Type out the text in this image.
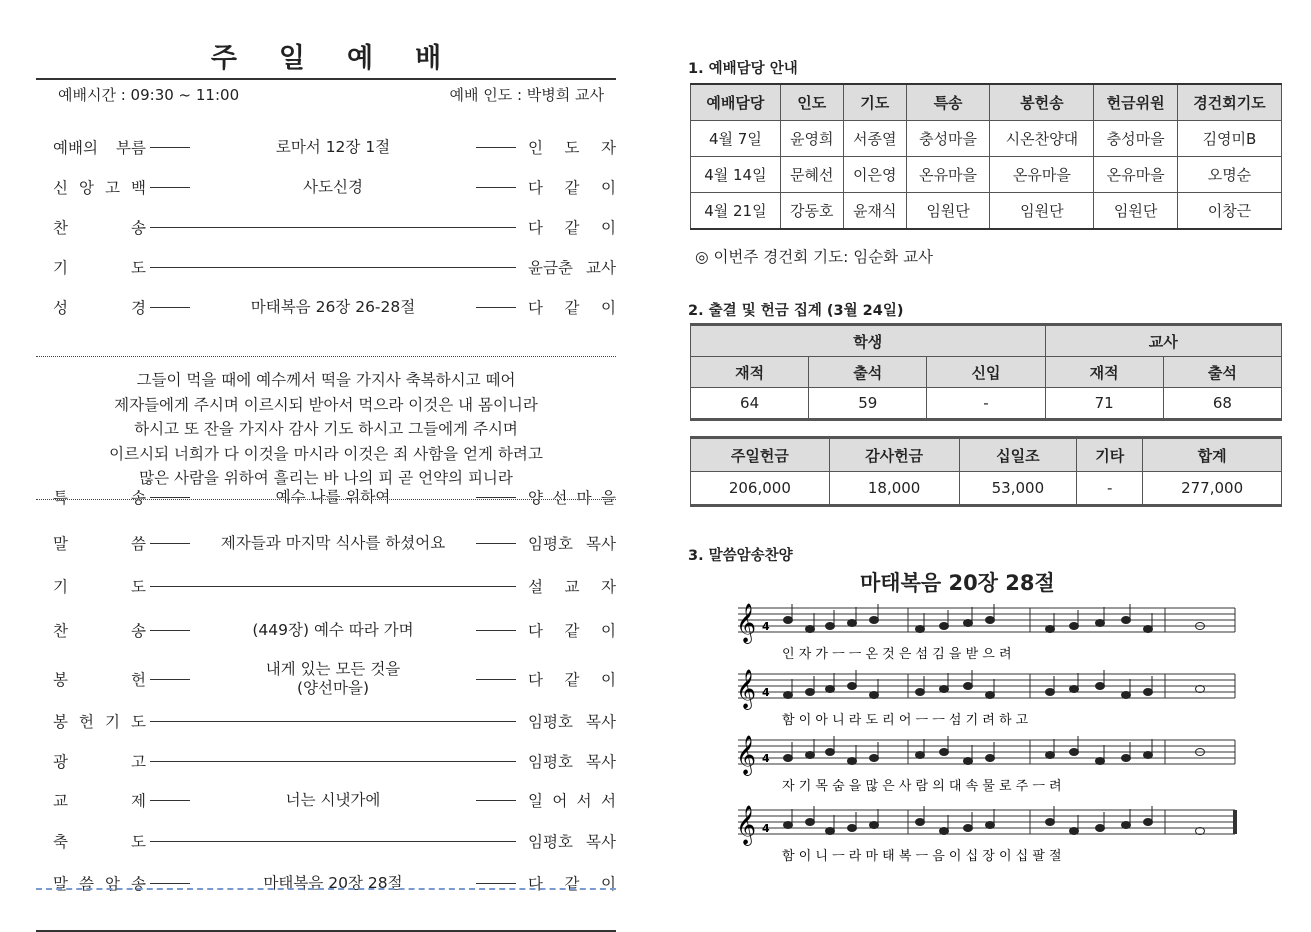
주일예배
예배시간 : 09:30 ~ 11:00	예배 인도 : 박병희 교사
예배의 부름	로마서 12장 1절	인 도 자
신 앙 고 백	사도신경	다 같 이
찬	송	다 같 이
기	도	윤금춘 교사
성	경	마태복음 26장 26-28절	다 같 이
특	송	예수 나를 위하여	양 선 마 을
말	씀	제자들과 마지막 식사를 하셨어요	임평호 목사
기	도	설 교 자
찬	송	(449장) 예수 따라 가며	다 같 이
봉	헌
내게 있는 모든 것을
(양선마을)	다 같 이
봉 헌 기 도	임평호 목사
광	고	임평호 목사
교	제	너는 시냇가에	일 어 서 서
축	도	임평호 목사
말 씀 암 송	마태복음 20장 28절	다 같 이
그들이 먹을 때에 예수께서 떡을 가지사 축복하시고 떼어
제자들에게 주시며 이르시되 받아서 먹으라 이것은 내 몸이니라
하시고 또 잔을 가지사 감사 기도 하시고 그들에게 주시며
이르시되 너희가 다 이것을 마시라 이것은 죄 사함을 얻게 하려고
많은 사람을 위하여 흘리는 바 나의 피 곧 언약의 피니라
1. 예배담당 안내
예배담당	인도	기도	특송	봉헌송	헌금위원	경건회기도
4월 7일	윤영희	서종열	충성마을	시온찬양대	충성마을	김영미B
4월 14일	문혜선	이은영	온유마을	온유마을	온유마을	오명순
4월 21일	강동호	윤재식	임원단	임원단	임원단	이창근
◎ 이번주 경건회 기도: 임순화 교사
2. 출결 및 헌금 집계 (3월 24일)
학생			교사	
재적	출석	신입	재적	출석
64	59	-	71	68
주일헌금	감사헌금	십일조	기타	합계
206,000	18,000	53,000	-	277,000
3. 말씀암송찬양
마태복음 20장 28절
𝄞 4
인 자 가 ㅡ ㅡ 온 것 은 섬 김 을 받 으 려
𝄞 4
함 이 아 니 라 도 리 어 ㅡ ㅡ 섬 기 려 하 고
𝄞 4
자 기 목 숨 을 많 은 사 람 의 대 속 물 로 주 ㅡ 려
𝄞 4
함 이 니 ㅡ 라 마 태 복 ㅡ 음 이 십 장 이 십 팔 절
